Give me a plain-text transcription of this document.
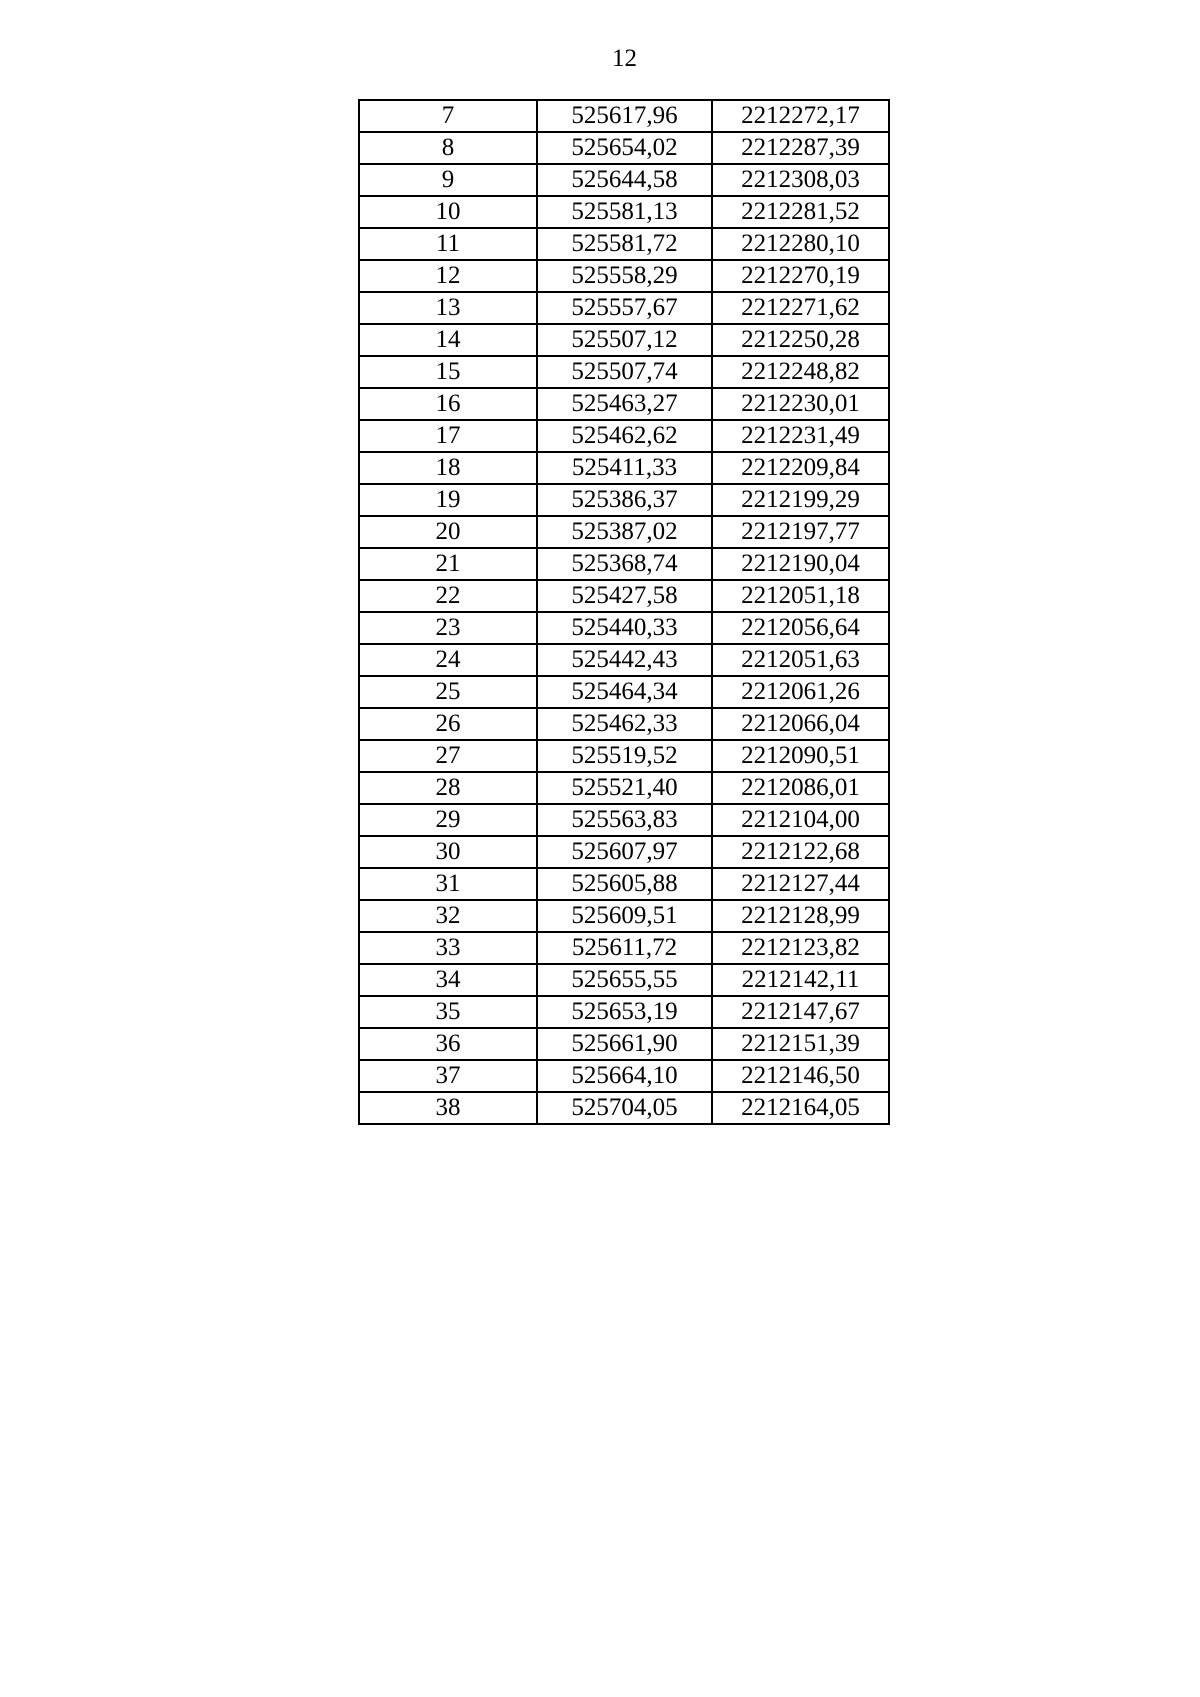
12
7	525617,96	2212272,17
8	525654,02	2212287,39
9	525644,58	2212308,03
10	525581,13	2212281,52
11	525581,72	2212280,10
12	525558,29	2212270,19
13	525557,67	2212271,62
14	525507,12	2212250,28
15	525507,74	2212248,82
16	525463,27	2212230,01
17	525462,62	2212231,49
18	525411,33	2212209,84
19	525386,37	2212199,29
20	525387,02	2212197,77
21	525368,74	2212190,04
22	525427,58	2212051,18
23	525440,33	2212056,64
24	525442,43	2212051,63
25	525464,34	2212061,26
26	525462,33	2212066,04
27	525519,52	2212090,51
28	525521,40	2212086,01
29	525563,83	2212104,00
30	525607,97	2212122,68
31	525605,88	2212127,44
32	525609,51	2212128,99
33	525611,72	2212123,82
34	525655,55	2212142,11
35	525653,19	2212147,67
36	525661,90	2212151,39
37	525664,10	2212146,50
38	525704,05	2212164,05
